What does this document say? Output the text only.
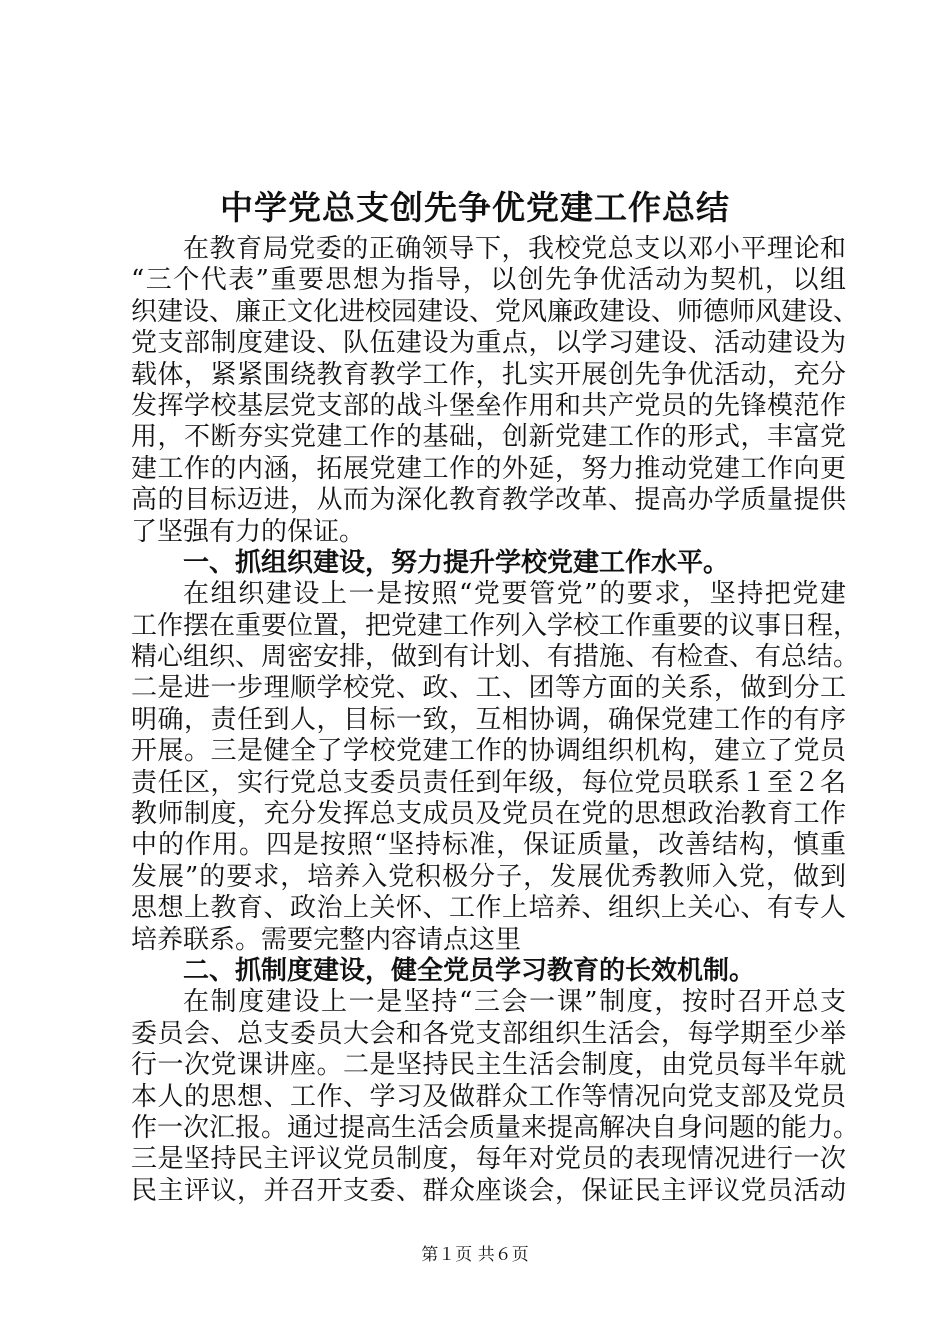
中学党总支创先争优党建工作总结
在教育局党委的正确领导下，我校党总支以邓小平理论和
“三个代表”重要思想为指导，以创先争优活动为契机，以组
织建设、廉正文化进校园建设、党风廉政建设、师德师风建设、
党支部制度建设、队伍建设为重点，以学习建设、活动建设为
载体，紧紧围绕教育教学工作，扎实开展创先争优活动，充分
发挥学校基层党支部的战斗堡垒作用和共产党员的先锋模范作
用，不断夯实党建工作的基础，创新党建工作的形式，丰富党
建工作的内涵，拓展党建工作的外延，努力推动党建工作向更
高的目标迈进，从而为深化教育教学改革、提高办学质量提供
了坚强有力的保证。
一、抓组织建设，努力提升学校党建工作水平。
在组织建设上一是按照“党要管党”的要求，坚持把党建
工作摆在重要位置，把党建工作列入学校工作重要的议事日程，
精心组织、周密安排，做到有计划、有措施、有检查、有总结。
二是进一步理顺学校党、政、工、团等方面的关系，做到分工
明确，责任到人，目标一致，互相协调，确保党建工作的有序
开展。三是健全了学校党建工作的协调组织机构，建立了党员
责任区，实行党总支委员责任到年级，每位党员联系１至２名
教师制度，充分发挥总支成员及党员在党的思想政治教育工作
中的作用。四是按照“坚持标准，保证质量，改善结构，慎重
发展”的要求，培养入党积极分子，发展优秀教师入党，做到
思想上教育、政治上关怀、工作上培养、组织上关心、有专人
培养联系。需要完整内容请点这里
二、抓制度建设，健全党员学习教育的长效机制。
在制度建设上一是坚持“三会一课”制度，按时召开总支
委员会、总支委员大会和各党支部组织生活会，每学期至少举
行一次党课讲座。二是坚持民主生活会制度，由党员每半年就
本人的思想、工作、学习及做群众工作等情况向党支部及党员
作一次汇报。通过提高生活会质量来提高解决自身问题的能力。
三是坚持民主评议党员制度，每年对党员的表现情况进行一次
民主评议，并召开支委、群众座谈会，保证民主评议党员活动
第１页 共６页
